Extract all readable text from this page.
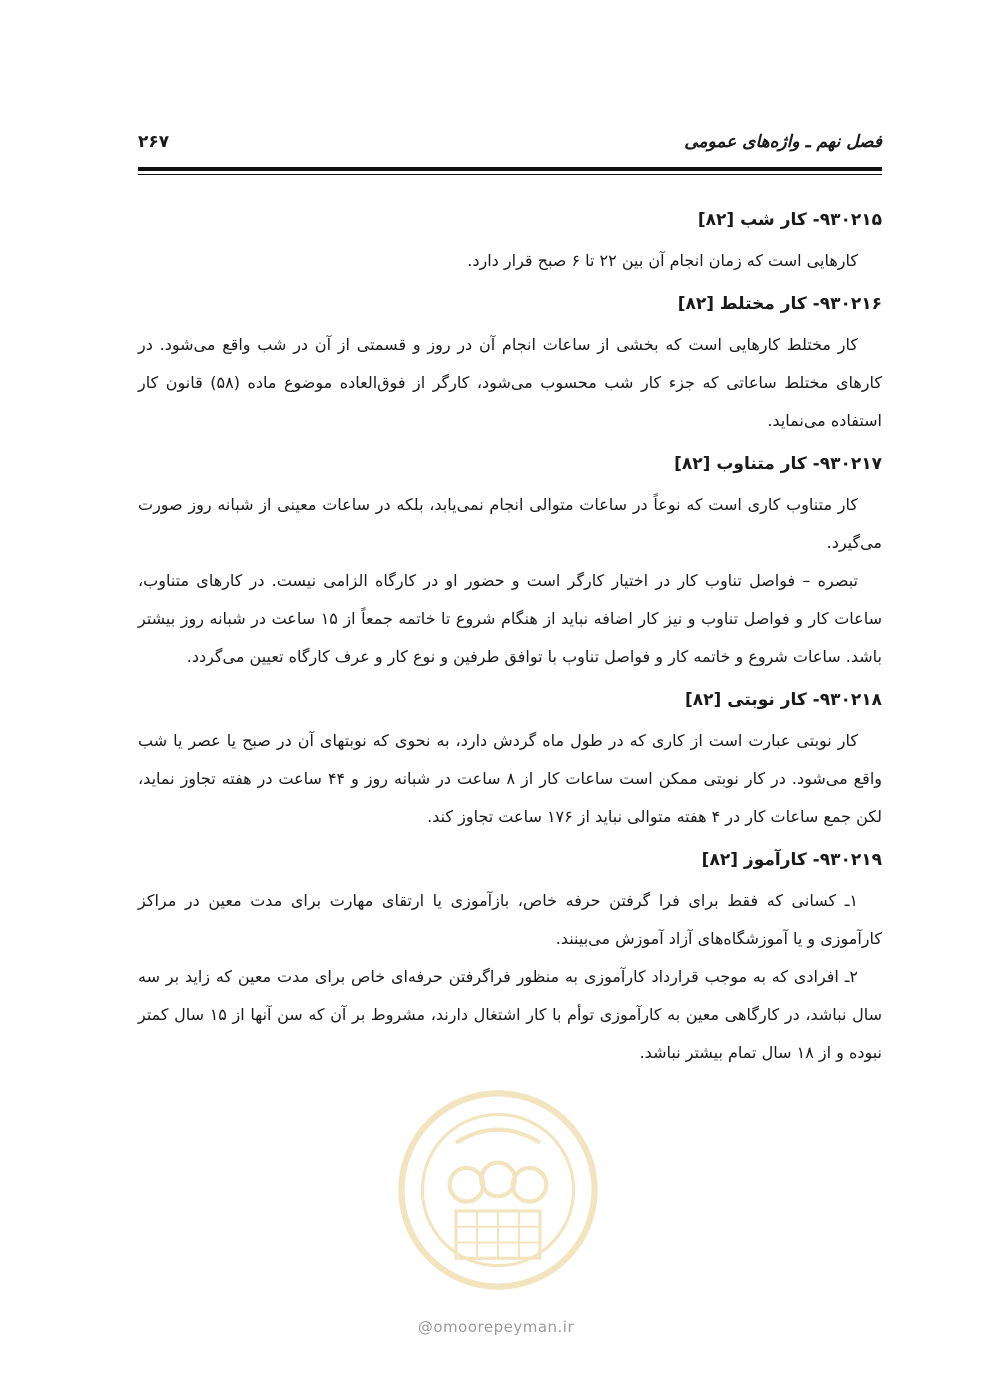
فصل نهم ـ واژه‌های عمومی
۲۶۷
۹۳۰۲۱۵- کار شب [۸۲]

کارهایی است که زمان انجام آن بین ۲۲ تا ۶ صبح قرار دارد.

۹۳۰۲۱۶- کار مختلط [۸۲]

کار مختلط کارهایی است که بخشی از ساعات انجام آن در روز و قسمتی از آن در شب واقع می‌شود. در کارهای مختلط ساعاتی که جزء کار شب محسوب می‌شود، کارگر از فوق‌العاده موضوع ماده (۵۸) قانون کار استفاده می‌نماید.

۹۳۰۲۱۷- کار متناوب [۸۲]

کار متناوب کاری است که نوعاً در ساعات متوالی انجام نمی‌یابد، بلکه در ساعات معینی از شبانه روز صورت می‌گیرد.

تبصره – فواصل تناوب کار در اختیار کارگر است و حضور او در کارگاه الزامی نیست. در کارهای متناوب، ساعات کار و فواصل تناوب و نیز کار اضافه نباید از هنگام شروع تا خاتمه جمعاً از ۱۵ ساعت در شبانه روز بیشتر باشد. ساعات شروع و خاتمه کار و فواصل تناوب با توافق طرفین و نوع کار و عرف کارگاه تعیین می‌گردد.

۹۳۰۲۱۸- کار نوبتی [۸۲]

کار نوبتی عبارت است از کاری که در طول ماه گردش دارد، به نحوی که نوبتهای آن در صبح یا عصر یا شب واقع می‌شود. در کار نوبتی ممکن است ساعات کار از ۸ ساعت در شبانه روز و ۴۴ ساعت در هفته تجاوز نماید، لکن جمع ساعات کار در ۴ هفته متوالی نباید از ۱۷۶ ساعت تجاوز کند.

۹۳۰۲۱۹- کارآموز [۸۲]

۱ـ کسانی که فقط برای فرا گرفتن حرفه خاص، بازآموزی یا ارتقای مهارت برای مدت معین در مراکز کارآموزی و یا آموزشگاه‌های آزاد آموزش می‌بینند.

۲ـ افرادی که به موجب قرارداد کارآموزی به منظور فراگرفتن حرفه‌ای خاص برای مدت معین که زاید بر سه سال نباشد، در کارگاهی معین به کارآموزی توأم با کار اشتغال دارند، مشروط بر آن که سن آنها از ۱۵ سال کمتر نبوده و از ۱۸ سال تمام بیشتر نباشد.

@omoorepeyman.ir
